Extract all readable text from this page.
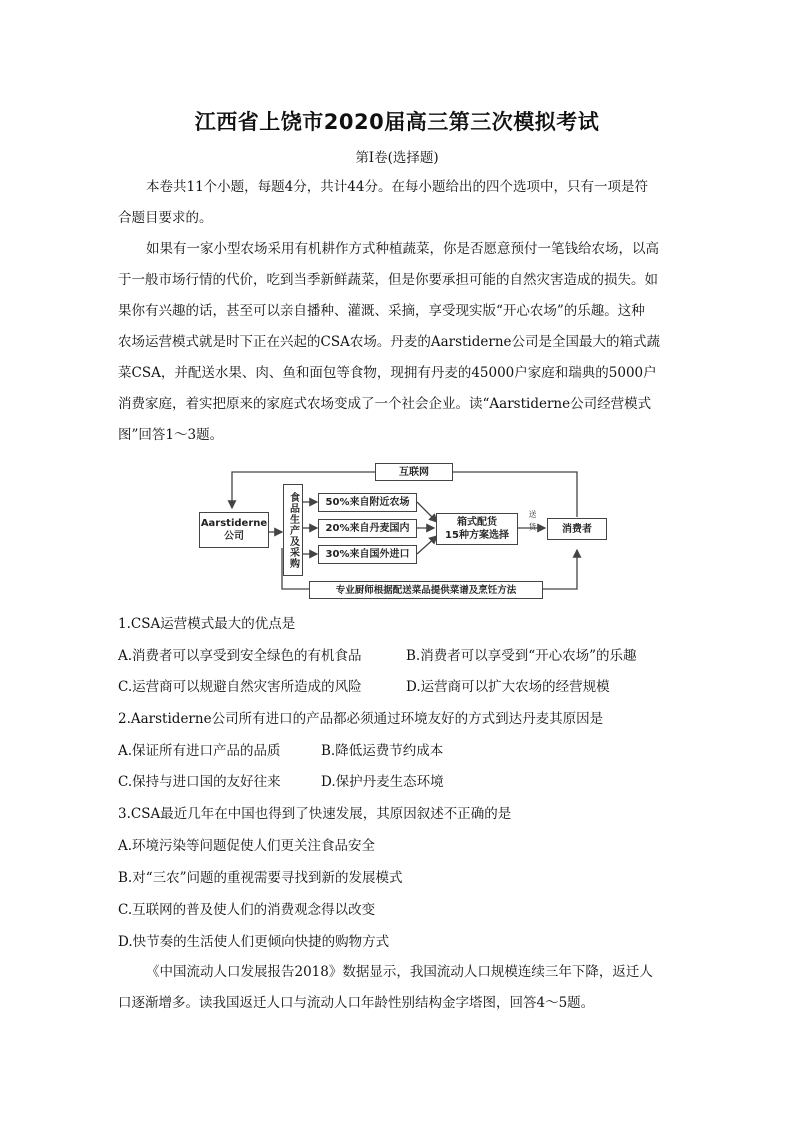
江西省上饶市2020届高三第三次模拟考试
第Ⅰ卷(选择题)

本卷共11个小题，每题4分，共计44分。在每小题给出的四个选项中，只有一项是符
合题目要求的。

如果有一家小型农场采用有机耕作方式种植蔬菜，你是否愿意预付一笔钱给农场，以高
于一般市场行情的代价，吃到当季新鲜蔬菜，但是你要承担可能的自然灾害造成的损失。如
果你有兴趣的话，甚至可以亲自播种、灌溉、采摘，享受现实版“开心农场”的乐趣。这种
农场运营模式就是时下正在兴起的CSA农场。丹麦的Aarstiderne公司是全国最大的箱式蔬
菜CSA，并配送水果、肉、鱼和面包等食物，现拥有丹麦的45000户家庭和瑞典的5000户
消费家庭，着实把原来的家庭式农场变成了一个社会企业。读“Aarstiderne公司经营模式
图”回答1～3题。

Aarstiderne
公司	食品生产及采购	50%来自附近农场
20%来自丹麦国内
30%来自国外进口
箱式配货
15种方案选择
消费者
互联网
专业厨师根据配送菜品提供菜谱及烹饪方法
送 货
1.CSA运营模式最大的优点是
A.消费者可以享受到安全绿色的有机食品	B.消费者可以享受到“开心农场”的乐趣
C.运营商可以规避自然灾害所造成的风险	D.运营商可以扩大农场的经营规模
2.Aarstiderne公司所有进口的产品都必须通过环境友好的方式到达丹麦其原因是
A.保证所有进口产品的品质	B.降低运费节约成本
C.保持与进口国的友好往来	D.保护丹麦生态环境
3.CSA最近几年在中国也得到了快速发展，其原因叙述不正确的是
A.环境污染等问题促使人们更关注食品安全
B.对“三农”问题的重视需要寻找到新的发展模式
C.互联网的普及使人们的消费观念得以改变
D.快节奏的生活使人们更倾向快捷的购物方式

《中国流动人口发展报告2018》数据显示，我国流动人口规模连续三年下降，返迁人
口逐渐增多。读我国返迁人口与流动人口年龄性别结构金字塔图，回答4～5题。
